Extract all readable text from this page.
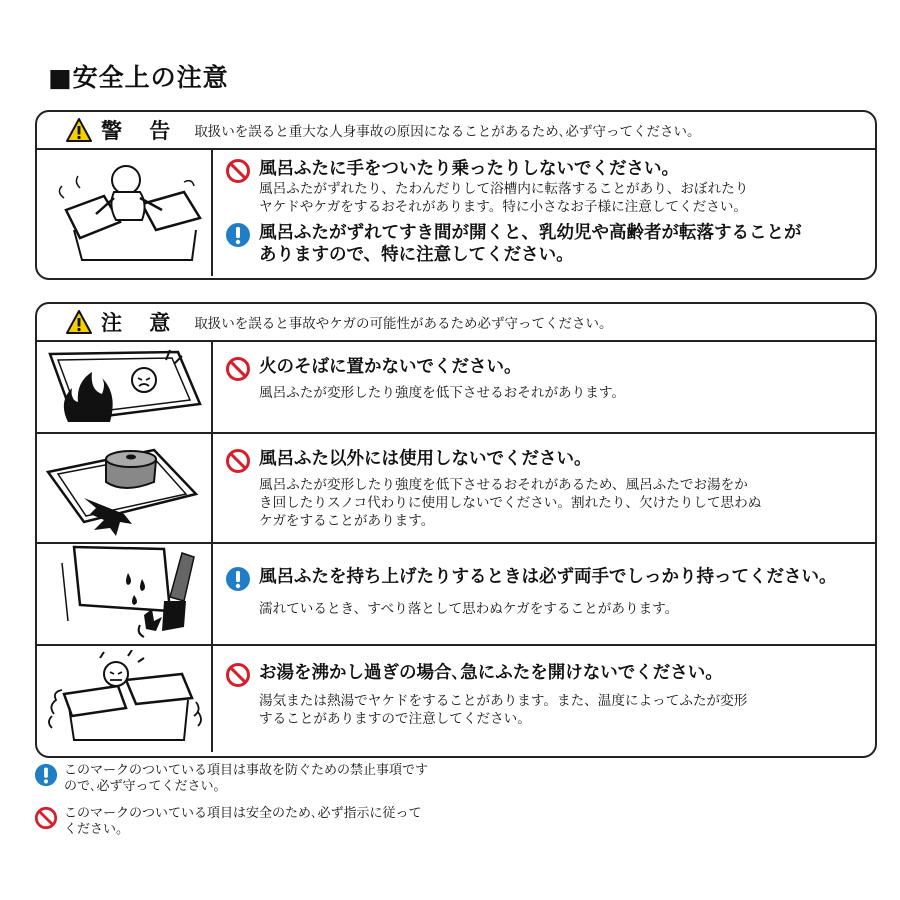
■安全上の注意
警 告 取扱いを誤ると重大な人身事故の原因になることがあるため､必ず守ってください。
風呂ふたに手をついたり乗ったりしないでください。
風呂ふたがずれたり、たわんだりして浴槽内に転落することがあり、おぼれたり
ヤケドやケガをするおそれがあります。特に小さなお子様に注意してください。
風呂ふたがずれてすき間が開くと、乳幼児や高齢者が転落することが
ありますので、特に注意してください。
注 意 取扱いを誤ると事故やケガの可能性があるため必ず守ってください。
火のそばに置かないでください。
風呂ふたが変形したり強度を低下させるおそれがあります。
風呂ふた以外には使用しないでください。
風呂ふたが変形したり強度を低下させるおそれがあるため、風呂ふたでお湯をか
き回したりスノコ代わりに使用しないでください。割れたり、欠けたりして思わぬ
ケガをすることがあります。
風呂ふたを持ち上げたりするときは必ず両手でしっかり持ってください。
濡れているとき、すべり落として思わぬケガをすることがあります。
お湯を沸かし過ぎの場合､急にふたを開けないでください。
湯気または熱湯でヤケドをすることがあります。また、温度によってふたが変形
することがありますので注意してください。
このマークのついている項目は事故を防ぐための禁止事項です
ので､必ず守ってください。
このマークのついている項目は安全のため､必ず指示に従って
ください。
